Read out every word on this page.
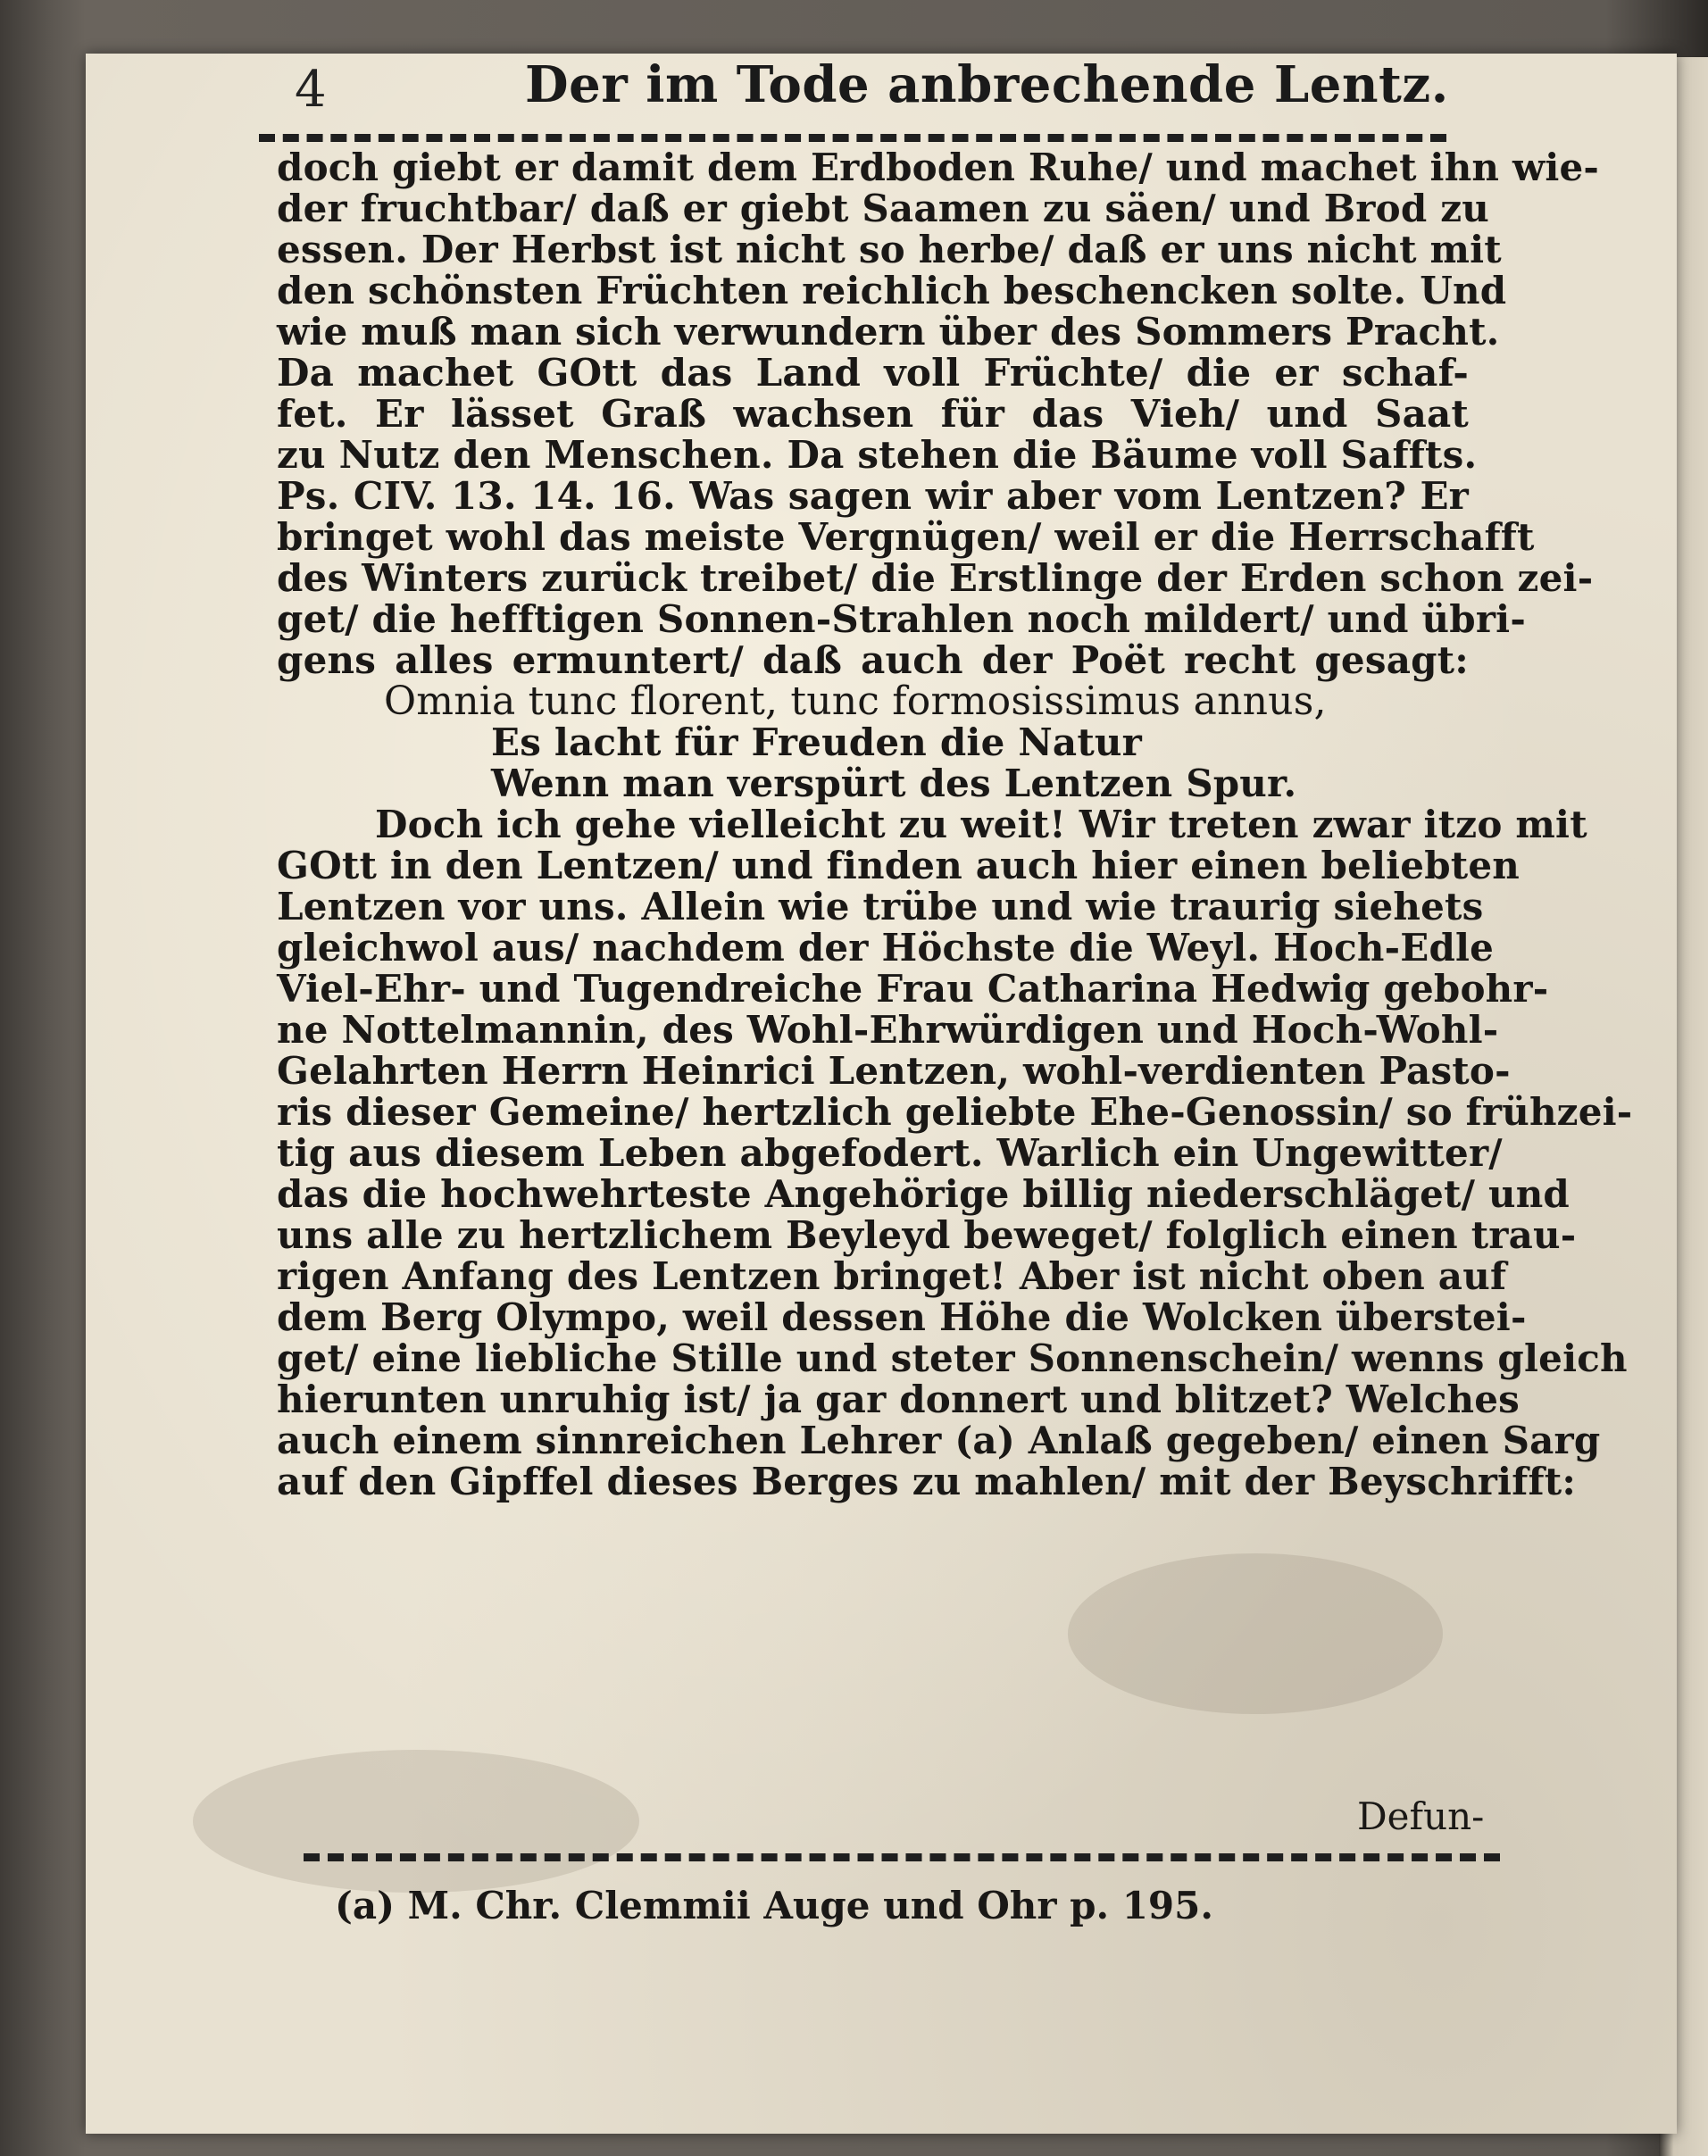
4	Der im Tode anbrechende Lentz.
doch giebt er damit dem Erdboden Ruhe/ und machet ihn wie-
der fruchtbar/ daß er giebt Saamen zu säen/ und Brod zu
essen. Der Herbst ist nicht so herbe/ daß er uns nicht mit
den schönsten Früchten reichlich beschencken solte. Und
wie muß man sich verwundern über des Sommers Pracht.
Da machet GOtt das Land voll Früchte/ die er schaf-
fet. Er lässet Graß wachsen für das Vieh/ und Saat
zu Nutz den Menschen. Da stehen die Bäume voll Saffts.
Ps. CIV. 13. 14. 16. Was sagen wir aber vom Lentzen? Er
bringet wohl das meiste Vergnügen/ weil er die Herrschafft
des Winters zurück treibet/ die Erstlinge der Erden schon zei-
get/ die hefftigen Sonnen-Strahlen noch mildert/ und übri-
gens alles ermuntert/ daß auch der Poët recht gesagt:
Omnia tunc florent, tunc formosissimus annus,
Es lacht für Freuden die Natur
Wenn man verspürt des Lentzen Spur.
Doch ich gehe vielleicht zu weit! Wir treten zwar itzo mit
GOtt in den Lentzen/ und finden auch hier einen beliebten
Lentzen vor uns. Allein wie trübe und wie traurig siehets
gleichwol aus/ nachdem der Höchste die Weyl. Hoch-Edle
Viel-Ehr- und Tugendreiche Frau Catharina Hedwig gebohr-
ne Nottelmannin, des Wohl-Ehrwürdigen und Hoch-Wohl-
Gelahrten Herrn Heinrici Lentzen, wohl-verdienten Pasto-
ris dieser Gemeine/ hertzlich geliebte Ehe-Genossin/ so frühzei-
tig aus diesem Leben abgefodert. Warlich ein Ungewitter/
das die hochwehrteste Angehörige billig niederschläget/ und
uns alle zu hertzlichem Beyleyd beweget/ folglich einen trau-
rigen Anfang des Lentzen bringet! Aber ist nicht oben auf
dem Berg Olympo, weil dessen Höhe die Wolcken überstei-
get/ eine liebliche Stille und steter Sonnenschein/ wenns gleich
hierunten unruhig ist/ ja gar donnert und blitzet? Welches
auch einem sinnreichen Lehrer (a) Anlaß gegeben/ einen Sarg
auf den Gipffel dieses Berges zu mahlen/ mit der Beyschrifft:
Defun-
(a) M. Chr. Clemmii Auge und Ohr p. 195.
